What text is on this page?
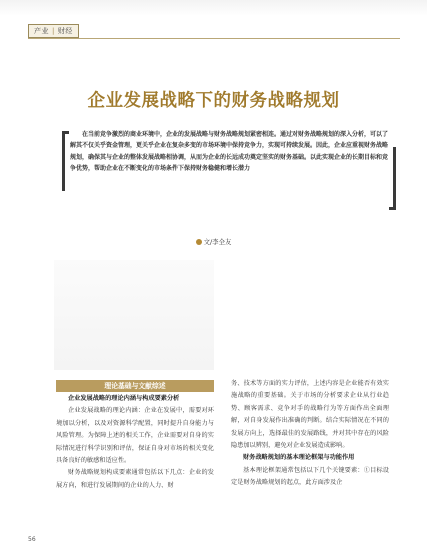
产业 | 财经
企业发展战略下的财务战略规划

在当前竞争激烈的商业环境中，企业的发展战略与财务战略规划紧密相连。通过对财务战略规划的深入分析，可以了解其不仅关乎资金管理，更关乎企业在复杂多变的市场环境中保持竞争力，实现可持续发展。因此，企业应重视财务战略规划，确保其与企业的整体发展战略相协调，从而为企业的长远成功奠定坚实的财务基础。以此实现企业的长期目标和竞争优势，帮助企业在不断变化的市场条件下保持财务稳健和增长潜力

文/李全友
理论基础与文献综述

企业发展战略的理论内涵与构成要素分析

企业发展战略的理论内涵：企业在发展中，需要对环境加以分析，以及对资源科学配置，同时提升自身能力与风险管理。为保障上述的相关工作，企业需要对自身的实际情况进行科学识别和评估，保证自身对市场的相关变化具备良好的敏感和适应性。

财务战略规划构成要素通常包括以下几点：企业的发展方向，和进行发展期间的企业的人力、财

务、技术等方面的实力评估，上述内容是企业能否有效实施战略的重要基础。关于市场的分析要求企业从行业趋势、顾客需求、竞争对手的战略行为等方面作出全面理解，对自身发展作出准确的判断。结合实际情况在不同的发展方向上，选择最佳的发展路线，并对其中存在的风险隐患加以辨别，避免对企业发展造成影响。

财务战略规划的基本理论框架与功能作用

基本理论框架通常包括以下几个关键要素：①目标设定是财务战略规划的起点，此方面涉及企

56
